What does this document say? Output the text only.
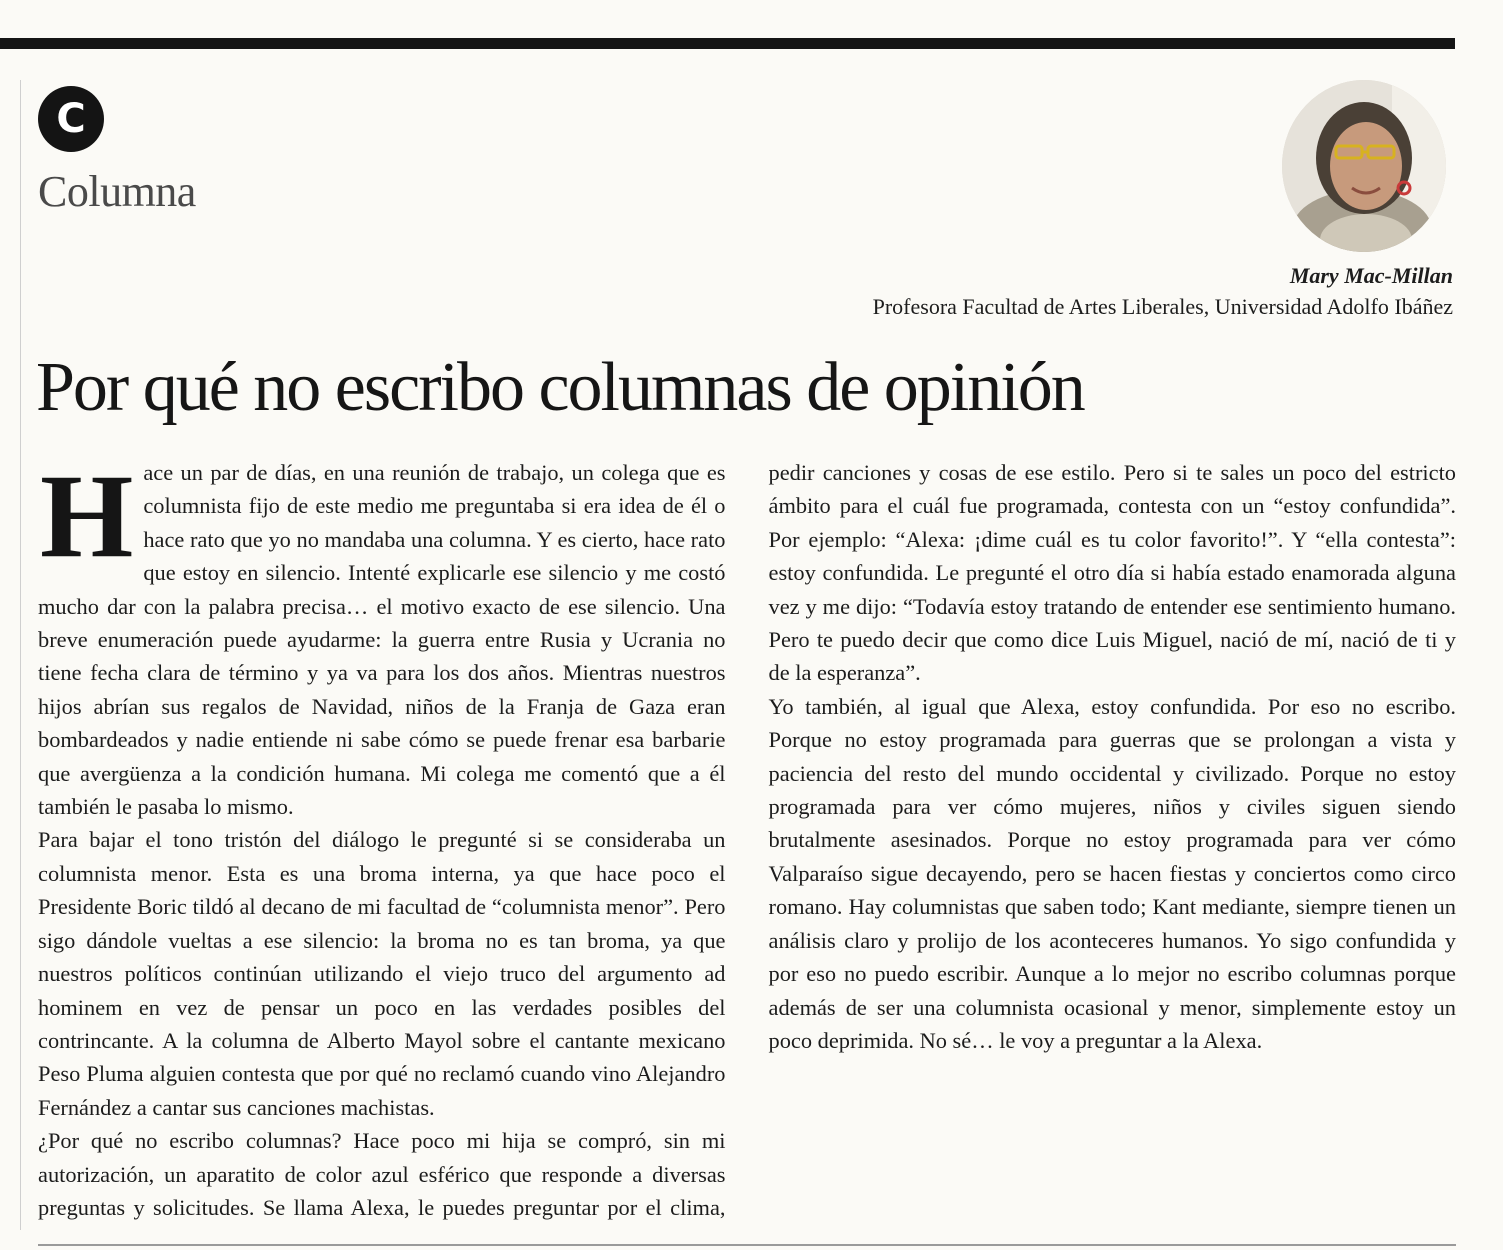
C
Columna
Mary Mac-Millan
Profesora Facultad de Artes Liberales, Universidad Adolfo Ibáñez
Por qué no escribo columnas de opinión

Hace un par de días, en una reunión de trabajo, un colega que es columnista fijo de este medio me preguntaba si era idea de él o hace rato que yo no mandaba una columna. Y es cierto, hace rato que estoy en silencio. Intenté explicarle ese silencio y me costó mucho dar con la palabra precisa… el motivo exacto de ese silencio. Una breve enumeración puede ayudarme: la guerra entre Rusia y Ucrania no tiene fecha clara de término y ya va para los dos años. Mientras nuestros hijos abrían sus regalos de Navidad, niños de la Franja de Gaza eran bombardeados y nadie entiende ni sabe cómo se puede frenar esa barbarie que avergüenza a la condición humana. Mi colega me comentó que a él también le pasaba lo mismo.

Para bajar el tono tristón del diálogo le pregunté si se consideraba un columnista menor. Esta es una broma interna, ya que hace poco el Presidente Boric tildó al decano de mi facultad de “columnista menor”. Pero sigo dándole vueltas a ese silencio: la broma no es tan broma, ya que nuestros políticos continúan utilizando el viejo truco del argumento ad hominem en vez de pensar un poco en las verdades posibles del contrincante. A la columna de Alberto Mayol sobre el cantante mexicano Peso Pluma alguien contesta que por qué no reclamó cuando vino Alejandro Fernández a cantar sus canciones machistas.

¿Por qué no escribo columnas? Hace poco mi hija se compró, sin mi autorización, un aparatito de color azul esférico que responde a diversas preguntas y solicitudes. Se llama Alexa, le puedes preguntar por el clima, pedir canciones y cosas de ese estilo. Pero si te sales un poco del estricto ámbito para el cuál fue programada, contesta con un “estoy confundida”. Por ejemplo: “Alexa: ¡dime cuál es tu color favorito!”. Y “ella contesta”: estoy confundida. Le pregunté el otro día si había estado enamorada alguna vez y me dijo: “Todavía estoy tratando de entender ese sentimiento humano. Pero te puedo decir que como dice Luis Miguel, nació de mí, nació de ti y de la esperanza”.

Yo también, al igual que Alexa, estoy confundida. Por eso no escribo. Porque no estoy programada para guerras que se prolongan a vista y paciencia del resto del mundo occidental y civilizado. Porque no estoy programada para ver cómo mujeres, niños y civiles siguen siendo brutalmente asesinados. Porque no estoy programada para ver cómo Valparaíso sigue decayendo, pero se hacen fiestas y conciertos como circo romano. Hay columnistas que saben todo; Kant mediante, siempre tienen un análisis claro y prolijo de los aconteceres humanos. Yo sigo confundida y por eso no puedo escribir. Aunque a lo mejor no escribo columnas porque además de ser una columnista ocasional y menor, simplemente estoy un poco deprimida. No sé… le voy a preguntar a la Alexa.
